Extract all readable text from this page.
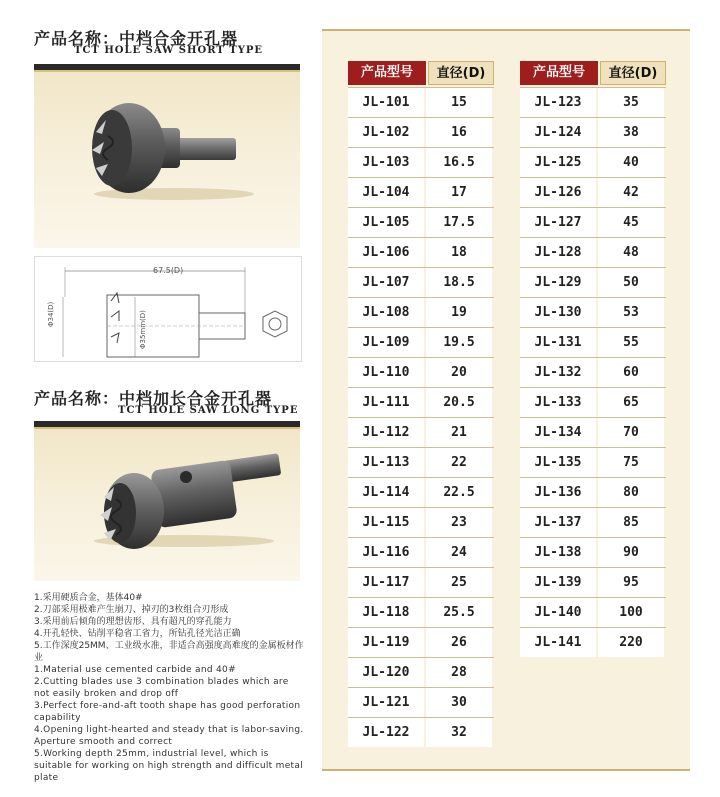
产品名称：中档合金开孔器
TCT HOLE SAW SHORT TYPE
67.5(D)
Φ34(D)	Φ35mm(D)
产品名称：中档加长合金开孔器
TCT HOLE SAW LONG TYPE
1.采用硬质合金，基体40#
2.刀部采用极难产生崩刀、掉刃的3枚组合刃形成
3.采用前后倾角的理想齿形、具有超凡的穿孔能力
4.开孔轻快、钻削平稳省工省力，所钻孔径光洁正确
5.工作深度25MM、工业级水准，非适合高强度高难度的金属板材作业
1.Material use cemented carbide and 40#
2.Cutting blades use 3 combination blades which are not easily broken and drop off
3.Perfect fore-and-aft tooth shape has good perforation capability
4.Opening light-hearted and steady that is labor-saving. Aperture smooth and correct
5.Working depth 25mm, industrial level, which is suitable for working on high strength and difficult metal plate
产品型号	直径(D)	产品型号	直径(D)
JL-101	15
JL-102	16
JL-103	16.5
JL-104	17
JL-105	17.5
JL-106	18
JL-107	18.5
JL-108	19
JL-109	19.5
JL-110	20
JL-111	20.5
JL-112	21
JL-113	22
JL-114	22.5
JL-115	23
JL-116	24
JL-117	25
JL-118	25.5
JL-119	26
JL-120	28
JL-121	30
JL-122	32
JL-123	35
JL-124	38
JL-125	40
JL-126	42
JL-127	45
JL-128	48
JL-129	50
JL-130	53
JL-131	55
JL-132	60
JL-133	65
JL-134	70
JL-135	75
JL-136	80
JL-137	85
JL-138	90
JL-139	95
JL-140	100
JL-141	220
